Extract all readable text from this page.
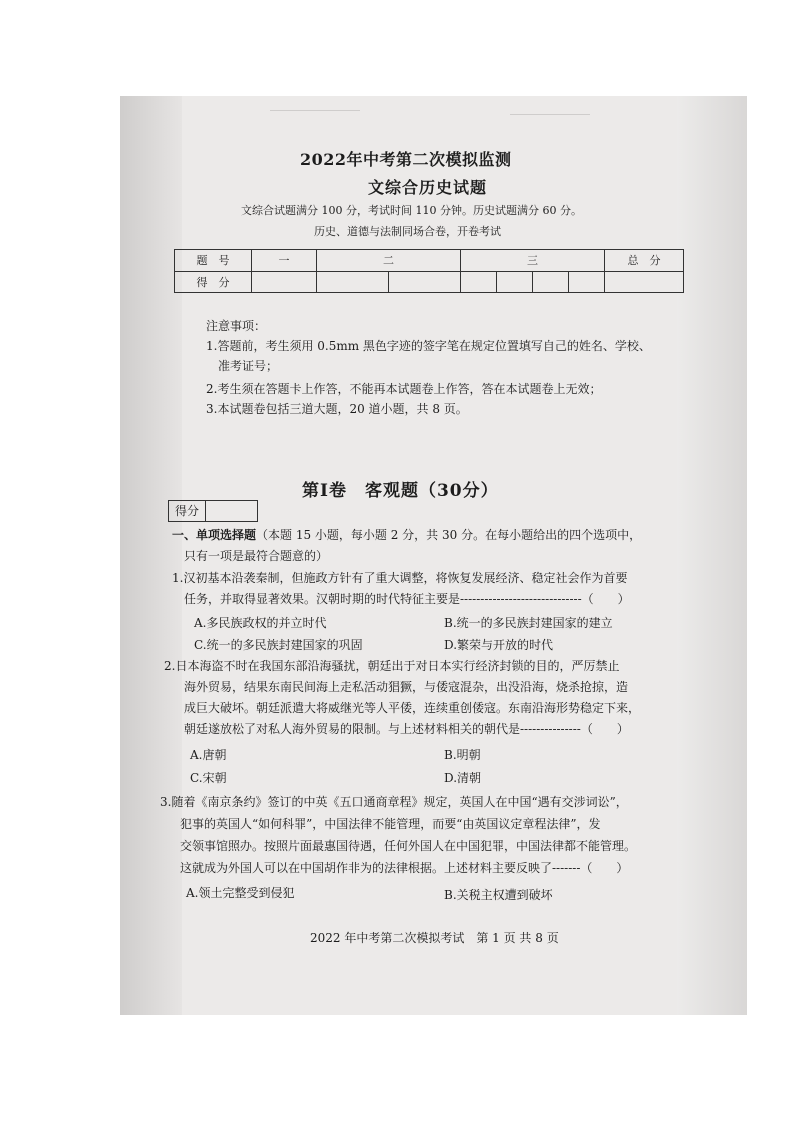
2022年中考第二次模拟监测
文综合历史试题
文综合试题满分 100 分，考试时间 110 分钟。历史试题满分 60 分。
历史、道德与法制同场合卷，开卷考试
题　号	一	二		三				总　分
得　分								
注意事项：
1.答题前，考生须用 0.5mm 黑色字迹的签字笔在规定位置填写自己的姓名、学校、
准考证号；
2.考生须在答题卡上作答，不能再本试题卷上作答，答在本试题卷上无效；
3.本试题卷包括三道大题，20 道小题，共 8 页。
第Ⅰ卷　客观题（30分）
得分
一、单项选择题（本题 15 小题，每小题 2 分，共 30 分。在每小题给出的四个选项中，
只有一项是最符合题意的）
1.汉初基本沿袭秦制，但施政方针有了重大调整，将恢复发展经济、稳定社会作为首要
任务，并取得显著效果。汉朝时期的时代特征主要是------------------------------（　　）
A.多民族政权的并立时代	B.统一的多民族封建国家的建立
C.统一的多民族封建国家的巩固	D.繁荣与开放的时代
2.日本海盗不时在我国东部沿海骚扰，朝廷出于对日本实行经济封锁的目的，严厉禁止
海外贸易，结果东南民间海上走私活动猖獗，与倭寇混杂，出没沿海，烧杀抢掠，造
成巨大破坏。朝廷派遣大将威继光等人平倭，连续重创倭寇。东南沿海形势稳定下来，
朝廷遂放松了对私人海外贸易的限制。与上述材料相关的朝代是---------------（　　）
A.唐朝	B.明朝
C.宋朝	D.清朝
3.随着《南京条约》签订的中英《五口通商章程》规定，英国人在中国“遇有交涉词讼”，
犯事的英国人“如何科罪”，中国法律不能管理，而要“由英国议定章程法律”，发
交领事馆照办。按照片面最惠国待遇，任何外国人在中国犯罪，中国法律都不能管理。
这就成为外国人可以在中国胡作非为的法律根据。上述材料主要反映了-------（　　）
A.领土完整受到侵犯	B.关税主权遭到破坏
2022 年中考第二次模拟考试　第 1 页 共 8 页
